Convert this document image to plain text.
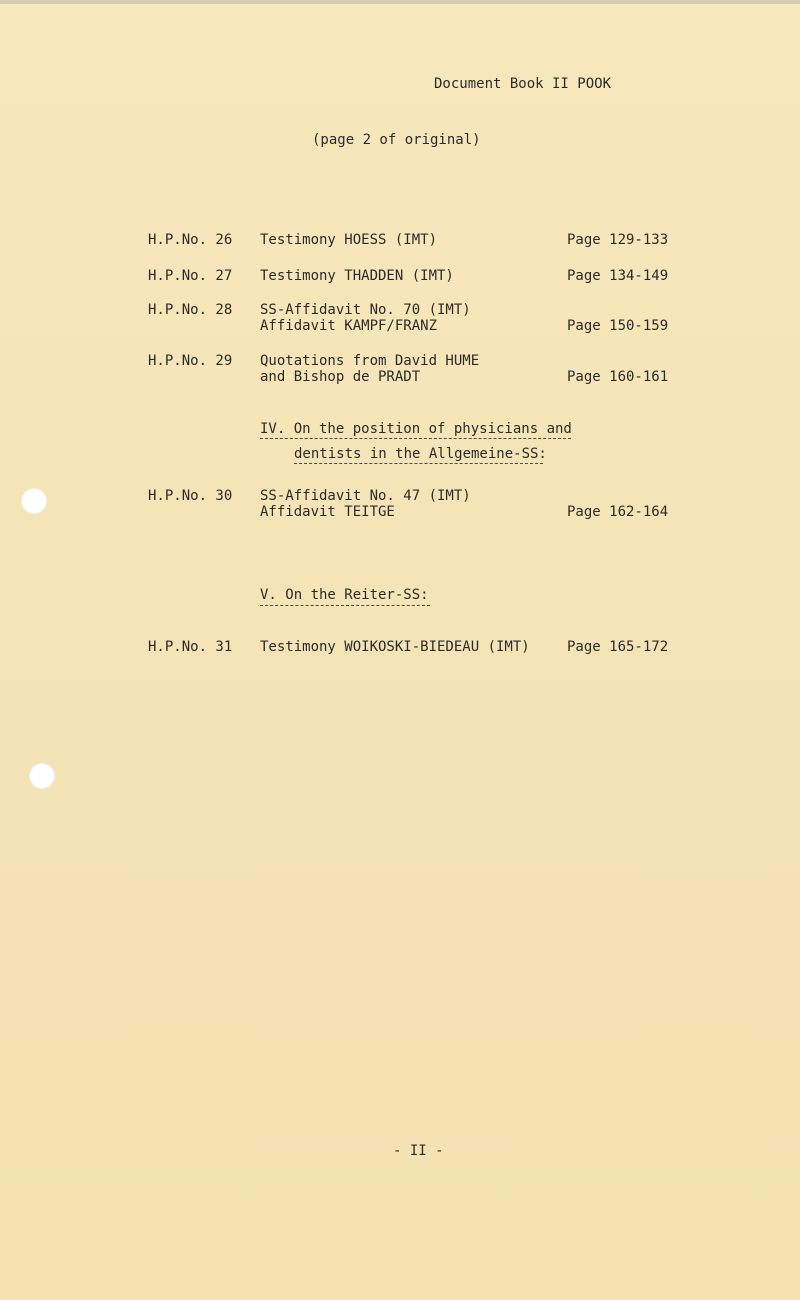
Document Book II POOK
(page 2 of original)
H.P.No. 26 Testimony HOESS (IMT)	Page 129-133
H.P.No. 27 Testimony THADDEN (IMT)	Page 134-149
H.P.No. 28 SS-Affidavit No. 70 (IMT)
Affidavit KAMPF/FRANZ	Page 150-159
H.P.No. 29 Quotations from David HUME
and Bishop de PRADT	Page 160-161
IV. On the position of physicians and
dentists in the Allgemeine-SS:
H.P.No. 30 SS-Affidavit No. 47 (IMT)
Affidavit TEITGE	Page 162-164
V. On the Reiter-SS:
H.P.No. 31 Testimony WOIKOSKI-BIEDEAU (IMT)	Page 165-172
- II -
